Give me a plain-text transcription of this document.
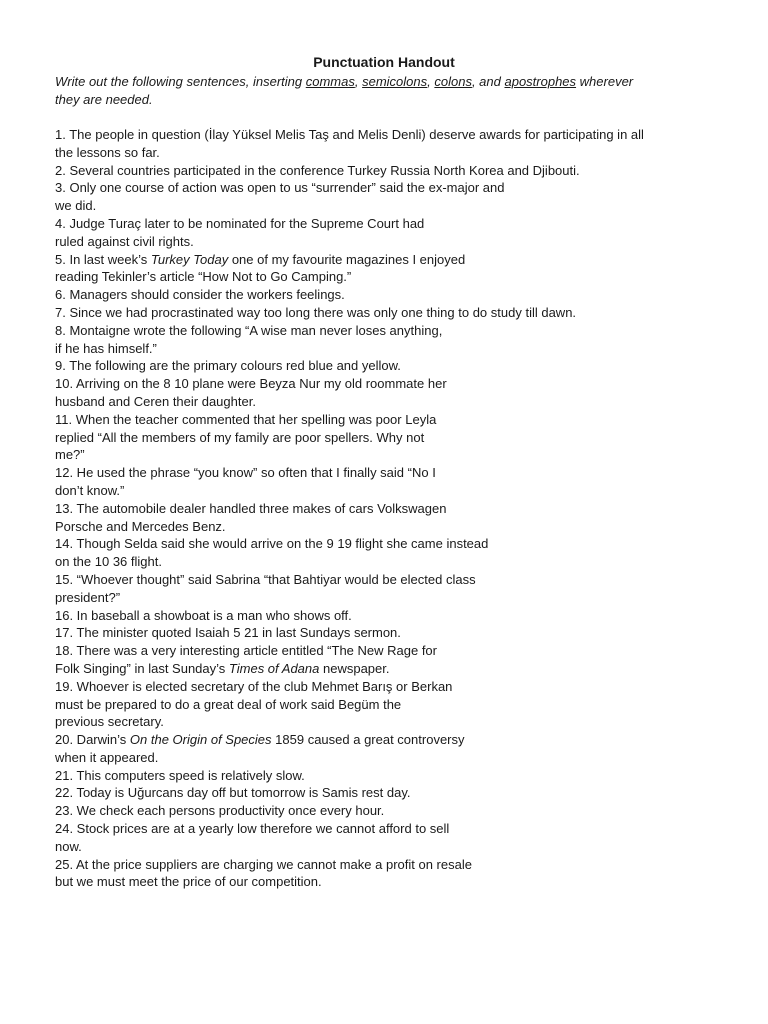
Punctuation Handout

Write out the following sentences, inserting commas, semicolons, colons, and apostrophes wherever
they are needed.

1. The people in question (İlay Yüksel Melis Taş and Melis Denli) deserve awards for participating in all
the lessons so far.
2. Several countries participated in the conference Turkey Russia North Korea and Djibouti.
3. Only one course of action was open to us “surrender” said the ex-major and
we did.
4. Judge Turaç later to be nominated for the Supreme Court had
ruled against civil rights.
5. In last week’s Turkey Today one of my favourite magazines I enjoyed
reading Tekinler’s article “How Not to Go Camping.”
6. Managers should consider the workers feelings.
7. Since we had procrastinated way too long there was only one thing to do study till dawn.
8. Montaigne wrote the following “A wise man never loses anything,
if he has himself.”
9. The following are the primary colours red blue and yellow.
10. Arriving on the 8 10 plane were Beyza Nur my old roommate her
husband and Ceren their daughter.
11. When the teacher commented that her spelling was poor Leyla
replied “All the members of my family are poor spellers. Why not
me?”
12. He used the phrase “you know” so often that I finally said “No I
don’t know.”
13. The automobile dealer handled three makes of cars Volkswagen
Porsche and Mercedes Benz.
14. Though Selda said she would arrive on the 9 19 flight she came instead
on the 10 36 flight.
15. “Whoever thought” said Sabrina “that Bahtiyar would be elected class
president?”
16. In baseball a showboat is a man who shows off.
17. The minister quoted Isaiah 5 21 in last Sundays sermon.
18. There was a very interesting article entitled “The New Rage for
Folk Singing” in last Sunday’s Times of Adana newspaper.
19. Whoever is elected secretary of the club Mehmet Barış or Berkan
must be prepared to do a great deal of work said Begüm the
previous secretary.
20. Darwin’s On the Origin of Species 1859 caused a great controversy
when it appeared.
21. This computers speed is relatively slow.
22. Today is Uğurcans day off but tomorrow is Samis rest day.
23. We check each persons productivity once every hour.
24. Stock prices are at a yearly low therefore we cannot afford to sell
now.
25. At the price suppliers are charging we cannot make a profit on resale
but we must meet the price of our competition.
